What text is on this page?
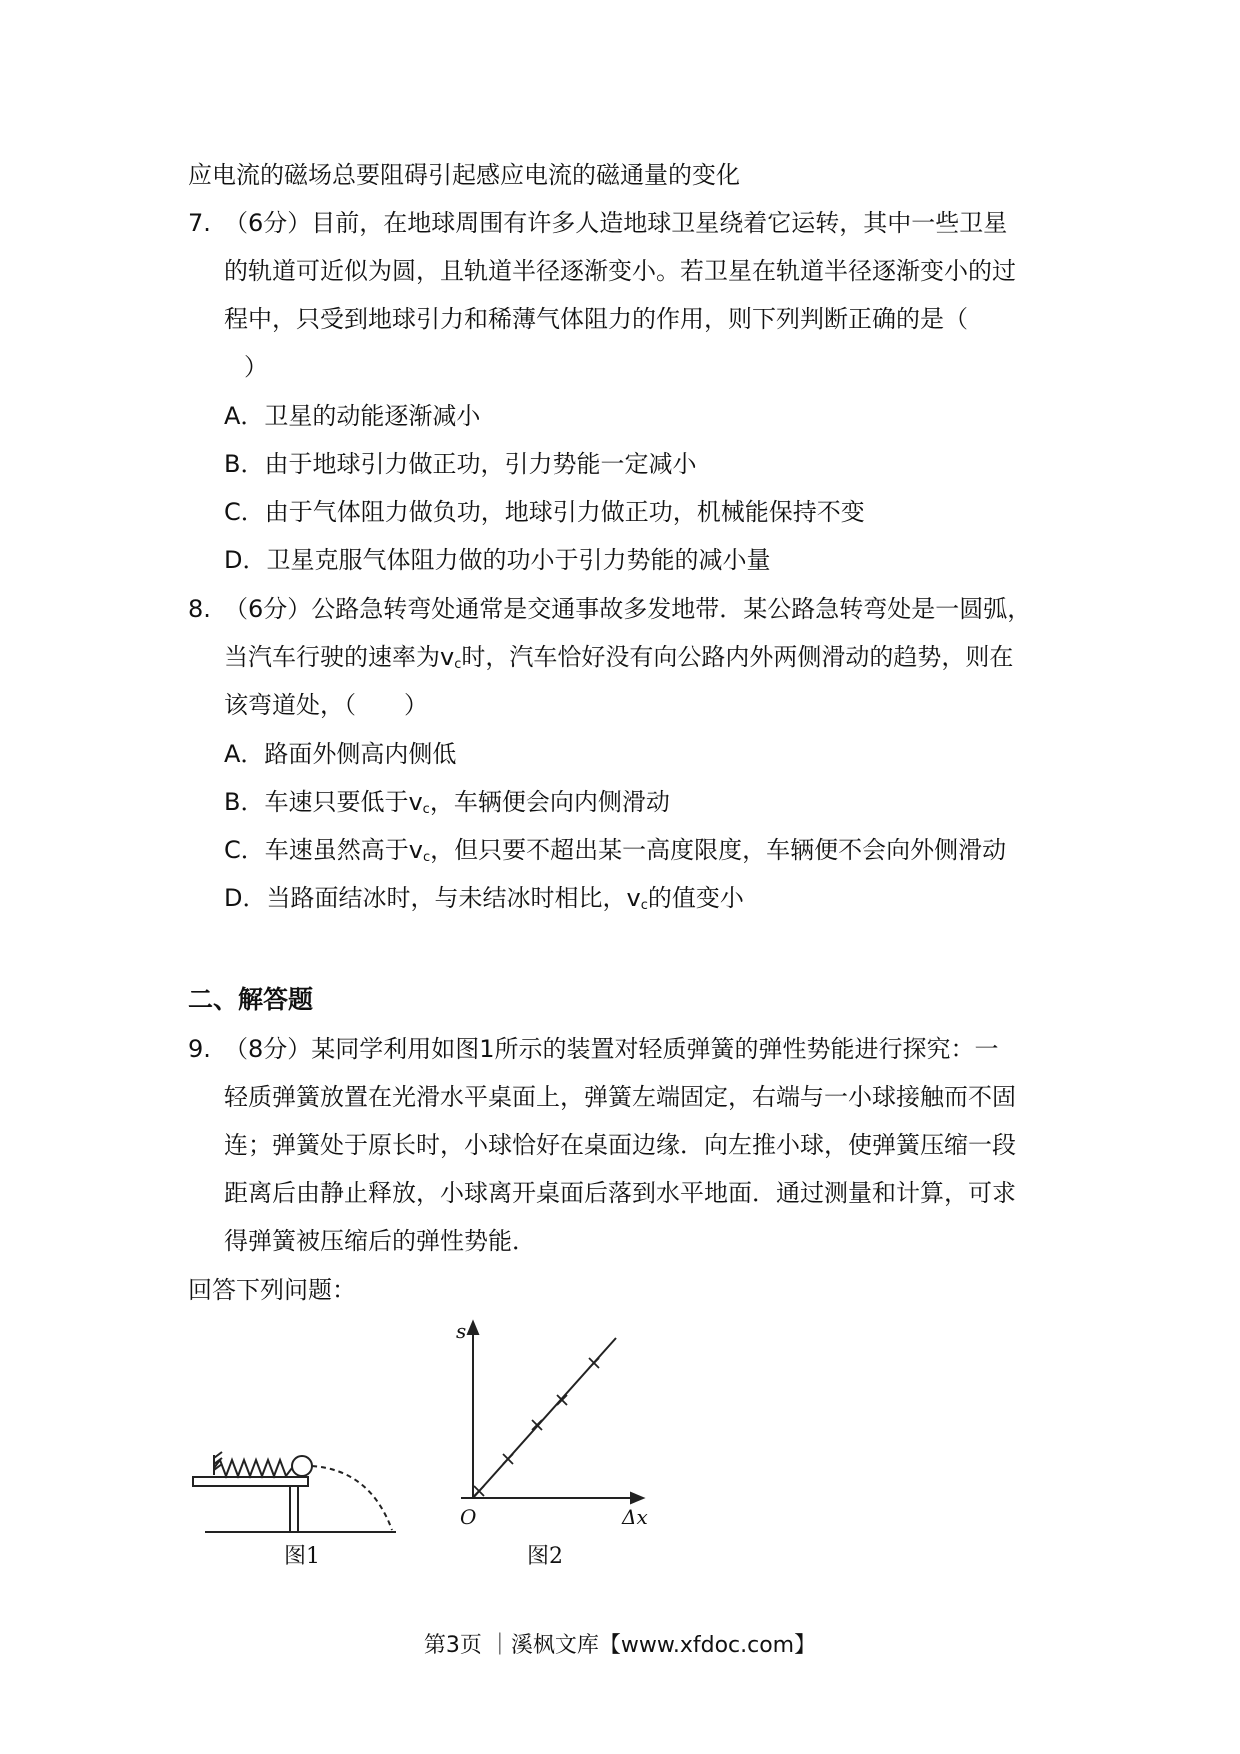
应电流的磁场总要阻碍引起感应电流的磁通量的变化
7. （6分）目前，在地球周围有许多人造地球卫星绕着它运转，其中一些卫星
的轨道可近似为圆，且轨道半径逐渐变小。若卫星在轨道半径逐渐变小的过
程中，只受到地球引力和稀薄气体阻力的作用，则下列判断正确的是（
）
A．卫星的动能逐渐减小
B．由于地球引力做正功，引力势能一定减小
C．由于气体阻力做负功，地球引力做正功，机械能保持不变
D．卫星克服气体阻力做的功小于引力势能的减小量
8. （6分）公路急转弯处通常是交通事故多发地带．某公路急转弯处是一圆弧，
当汽车行驶的速率为$v_c$时，汽车恰好没有向公路内外两侧滑动的趋势，则在
该弯道处，（　　）
A．路面外侧高内侧低
B．车速只要低于$v_c$，车辆便会向内侧滑动
C．车速虽然高于$v_c$，但只要不超出某一高度限度，车辆便不会向外侧滑动
D．当路面结冰时，与未结冰时相比，$v_c$的值变小
二、解答题
9. （8分）某同学利用如图1所示的装置对轻质弹簧的弹性势能进行探究：一
轻质弹簧放置在光滑水平桌面上，弹簧左端固定，右端与一小球接触而不固
连；弹簧处于原长时，小球恰好在桌面边缘．向左推小球，使弹簧压缩一段
距离后由静止释放，小球离开桌面后落到水平地面．通过测量和计算，可求
得弹簧被压缩后的弹性势能．
回答下列问题：
图1
s
O	Δx
图2
第3页 ｜溪枫文库【www.xfdoc.com】
